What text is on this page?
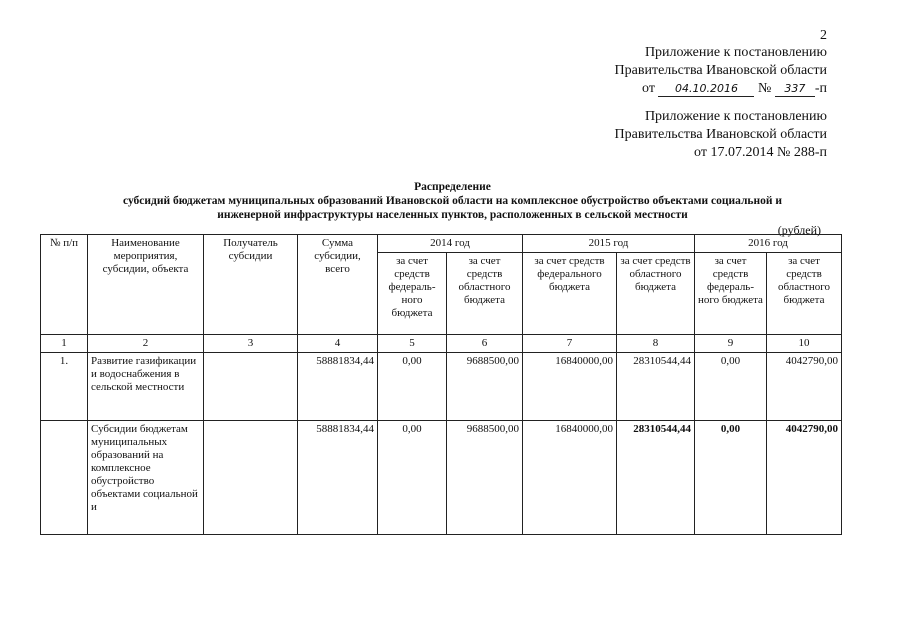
2
Приложение к постановлению
Правительства Ивановской области
от 04.10.2016 № 337 -п
Приложение к постановлению
Правительства Ивановской области
от 17.07.2014 № 288-п
Распределение
субсидий бюджетам муниципальных образований Ивановской области на комплексное обустройство объектами социальной и
инженерной инфраструктуры населенных пунктов, расположенных в сельской местности
(рублей)
№ п/п	Наименование мероприятия, субсидии, объекта	Получатель субсидии	Сумма субсидии, всего	2014 год		2015 год		2016 год	
				за счет средств федераль-ного бюджета	за счет средств областного бюджета	за счет средств федерального бюджета	за счет средств областного бюджета	за счет средств федераль-ного бюджета	за счет средств областного бюджета
1	2	3	4	5	6	7	8	9	10
1.	Развитие газификации и водоснабжения в сельской местности		58881834,44	0,00	9688500,00	16840000,00	28310544,44	0,00	4042790,00
	Субсидии бюджетам муниципальных образований на комплексное обустройство объектами социальной и		58881834,44	0,00	9688500,00	16840000,00	28310544,44	0,00	4042790,00
